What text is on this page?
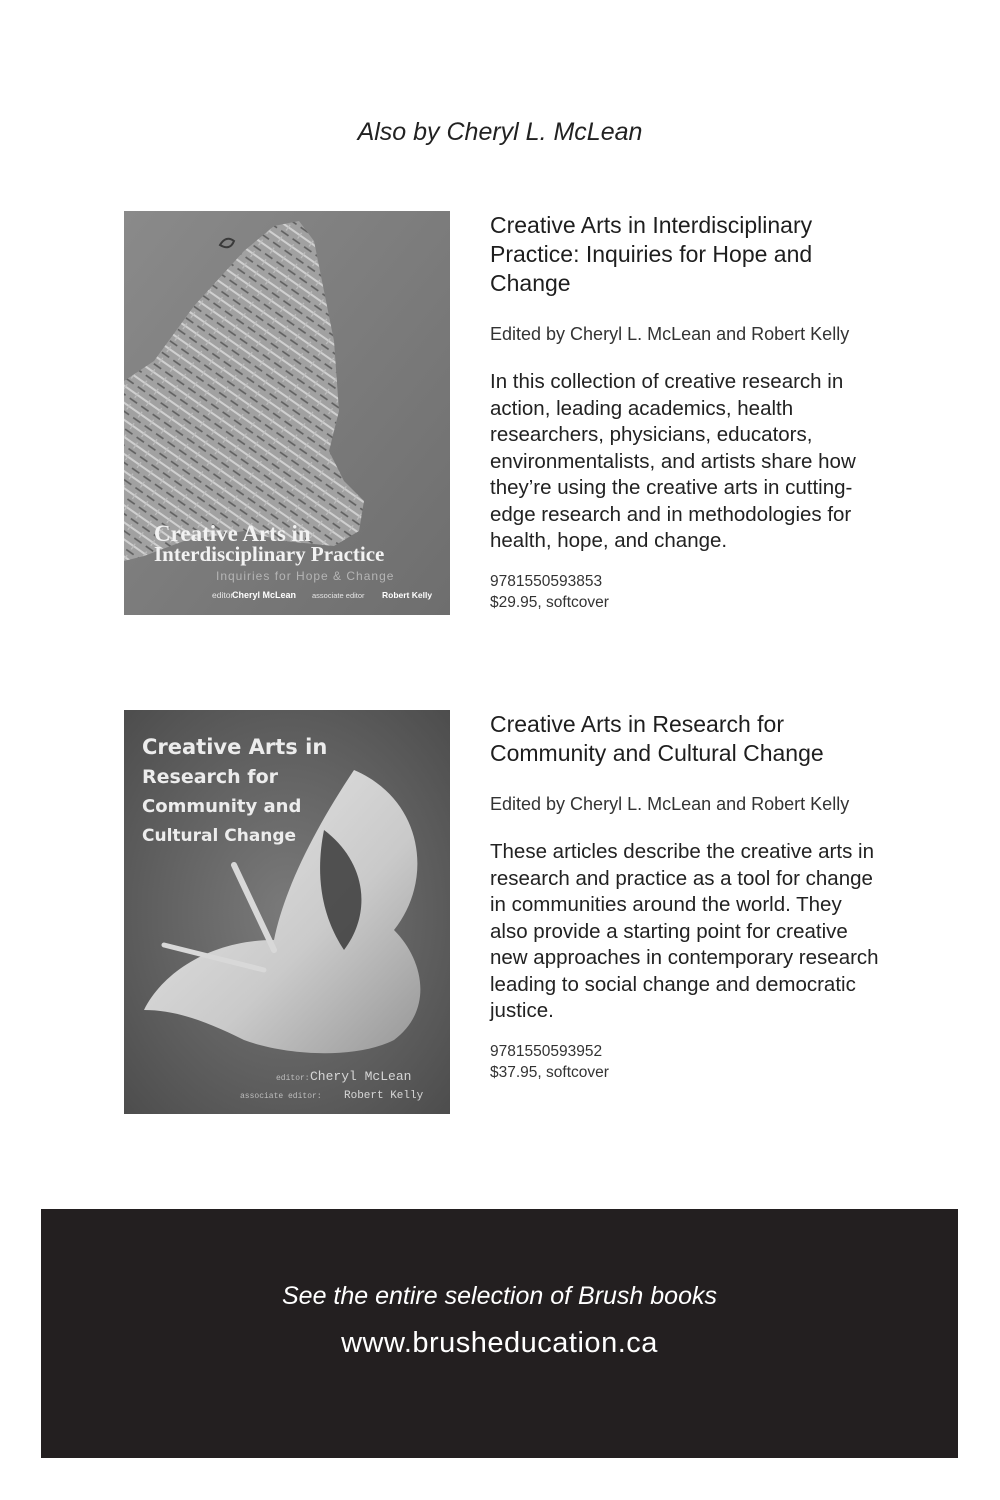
Also by Cheryl L. McLean
Creative Arts in
Interdisciplinary Practice
Inquiries for Hope & Change
editor
Cheryl McLean associate editor Robert Kelly
Creative Arts in Interdisciplinary Practice: Inquiries for Hope and Change

Edited by Cheryl L. McLean and Robert Kelly

In this collection of creative research in action, leading academics, health researchers, physicians, educators, environmentalists, and artists share how they’re using the creative arts in cutting-edge research and in methodologies for health, hope, and change.

9781550593853

$29.95, softcover

Creative Arts in
Research for
Community and
Cultural Change
editor: Cheryl McLean
associate editor: Robert Kelly
Creative Arts in Research for Community and Cultural Change

Edited by Cheryl L. McLean and Robert Kelly

These articles describe the creative arts in research and practice as a tool for change in communities around the world. They also provide a starting point for creative new approaches in contemporary research leading to social change and democratic justice.

9781550593952

$37.95, softcover

See the entire selection of Brush books
www.brusheducation.ca
